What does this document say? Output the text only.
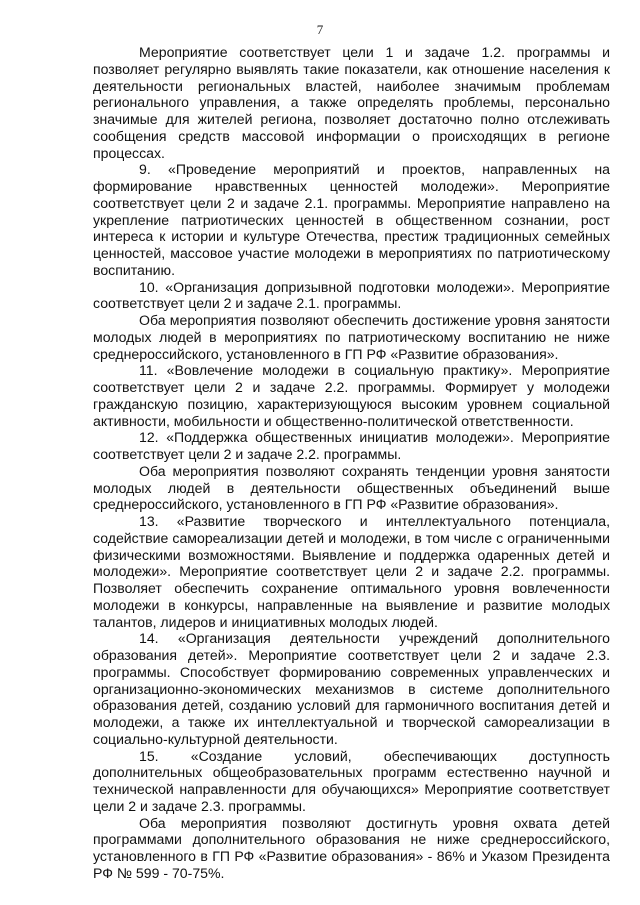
7

Мероприятие соответствует цели 1 и задаче 1.2. программы и позволяет регулярно выявлять такие показатели, как отношение населения к деятельности региональных властей, наиболее значимым проблемам регионального управления, а также определять проблемы, персонально значимые для жителей региона, позволяет достаточно полно отслеживать сообщения средств массовой информации о происходящих в регионе процессах.

9. «Проведение мероприятий и проектов, направленных на формирование нравственных ценностей молодежи». Мероприятие соответствует цели 2 и задаче 2.1. программы. Мероприятие направлено на укрепление патриотических ценностей в общественном сознании, рост интереса к истории и культуре Отечества, престиж традиционных семейных ценностей, массовое участие молодежи в мероприятиях по патриотическому воспитанию.

10. «Организация допризывной подготовки молодежи». Мероприятие соответствует цели 2 и задаче 2.1. программы.

Оба мероприятия позволяют обеспечить достижение уровня занятости молодых людей в мероприятиях по патриотическому воспитанию не ниже среднероссийского, установленного в ГП РФ «Развитие образования».

11. «Вовлечение молодежи в социальную практику». Мероприятие соответствует цели 2 и задаче 2.2. программы. Формирует у молодежи гражданскую позицию, характеризующуюся высоким уровнем социальной активности, мобильности и общественно-политической ответственности.

12. «Поддержка общественных инициатив молодежи». Мероприятие соответствует цели 2 и задаче 2.2. программы.

Оба мероприятия позволяют сохранять тенденции уровня занятости молодых людей в деятельности общественных объединений выше среднероссийского, установленного в ГП РФ «Развитие образования».

13. «Развитие творческого и интеллектуального потенциала, содействие самореализации детей и молодежи, в том числе с ограниченными физическими возможностями. Выявление и поддержка одаренных детей и молодежи». Мероприятие соответствует цели 2 и задаче 2.2. программы. Позволяет обеспечить сохранение оптимального уровня вовлеченности молодежи в конкурсы, направленные на выявление и развитие молодых талантов, лидеров и инициативных молодых людей.

14. «Организация деятельности учреждений дополнительного образования детей». Мероприятие соответствует цели 2 и задаче 2.3. программы. Способствует формированию современных управленческих и организационно-экономических механизмов в системе дополнительного образования детей, созданию условий для гармоничного воспитания детей и молодежи, а также их интеллектуальной и творческой самореализации в социально-культурной деятельности.

15. «Создание условий, обеспечивающих доступность дополнительных общеобразовательных программ естественно научной и технической направленности для обучающихся» Мероприятие соответствует цели 2 и задаче 2.3. программы.

Оба мероприятия позволяют достигнуть уровня охвата детей программами дополнительного образования не ниже среднероссийского, установленного в ГП РФ «Развитие образования» - 86% и Указом Президента РФ № 599 - 70-75%.
